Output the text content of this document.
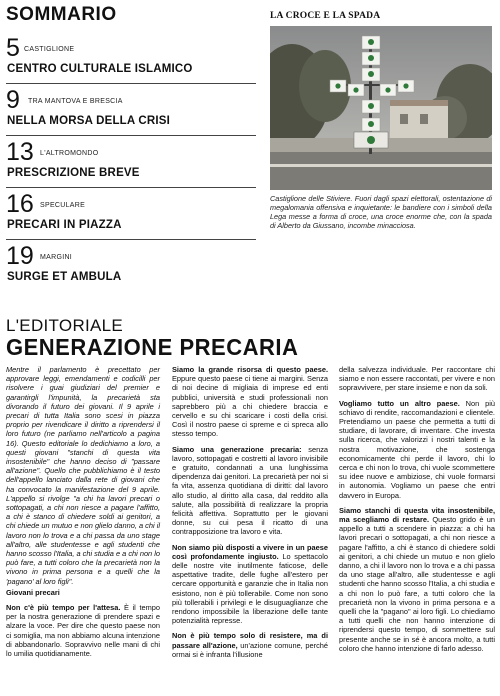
SOMMARIO
5 CASTIGLIONE
CENTRO CULTURALE ISLAMICO
9 TRA MANTOVA E BRESCIA
NELLA MORSA DELLA CRISI
13 L'ALTROMONDO
PRESCRIZIONE BREVE
16 SPECULARE
PRECARI IN PIAZZA
19 MARGINI
SURGE ET AMBULA
LA CROCE E LA SPADA
Castiglione delle Stiviere. Fuori dagli spazi elettorali, ostentazione di megalomania offensiva e inquietante: le bandiere con i simboli della Lega messe a forma di croce, una croce enorme che, con la spada di Alberto da Giussano, incombe minacciosa.
L'EDITORIALE
GENERAZIONE PRECARIA

Mentre il parlamento è precettato per approvare leggi, emendamenti e codicilli per risolvere i guai giudiziari del premier e garantirgli l'impunità, la precarietà sta divorando il futuro dei giovani. Il 9 aprile i precari di tutta Italia sono scesi in piazza proprio per rivendicare il diritto a riprendersi il loro futuro (ne parliamo nell'articolo a pagina 16). Questo editoriale lo dedichiamo a loro, a questi giovani "stanchi di questa vita insostenibile" che hanno deciso di "passare all'azione". Quello che pubblichiamo è il testo dell'appello lanciato dalla rete di giovani che ha convocato la manifestazione del 9 aprile. L'appello si rivolge "a chi ha lavori precari o sottopagati, a chi non riesce a pagare l'affitto, a chi è stanco di chiedere soldi ai genitori, a chi chiede un mutuo e non glielo danno, a chi il lavoro non lo trova e a chi passa da uno stage all'altro, alle studentesse e agli studenti che hanno scosso l'Italia, a chi studia e a chi non lo può fare, a tutti coloro che la precarietà non la vivono in prima persona e a quelli che la 'pagano' al loro figli".

Giovani precari

Non c'è più tempo per l'attesa. È il tempo per la nostra generazione di prendere spazi e alzare la voce. Per dire che questo paese non ci somiglia, ma non abbiamo alcuna intenzione di abbandonarlo. Sopravvivo nelle mani di chi lo umilia quotidianamente.

Siamo la grande risorsa di questo paese. Eppure questo paese ci tiene ai margini. Senza di noi decine di migliaia di imprese ed enti pubblici, università e studi professionali non saprebbero più a chi chiedere braccia e cervello e su chi scaricare i costi della crisi. Così il nostro paese ci spreme e ci spreca allo stesso tempo.

Siamo una generazione precaria: senza lavoro, sottopagati e costretti al lavoro invisibile e gratuito, condannati a una lunghissima dipendenza dai genitori. La precarietà per noi si fa vita, assenza quotidiana di diritti: dal lavoro allo studio, al diritto alla casa, dal reddito alla salute, alla possibilità di realizzare la propria felicità affettiva. Soprattutto per le giovani donne, su cui pesa il ricatto di una contrapposizione tra lavoro e vita.

Non siamo più disposti a vivere in un paese così profondamente ingiusto. Lo spettacolo delle nostre vite inutilmente faticose, delle aspettative tradite, delle fughe all'estero per cercare opportunità e garanzie che in Italia non esistono, non è più tollerabile. Come non sono più tollerabili i privilegi e le disuguaglianze che rendono impossibile la liberazione delle tante potenzialità represse.

Non è più tempo solo di resistere, ma di passare all'azione, un'azione comune, perché ormai si è infranta l'illusione

della salvezza individuale. Per raccontare chi siamo e non essere raccontati, per vivere e non sopravvivere, per stare insieme e non da soli.

Vogliamo tutto un altro paese. Non più schiavo di rendite, raccomandazioni e clientele. Pretendiamo un paese che permetta a tutti di studiare, di lavorare, di inventare. Che investa sulla ricerca, che valorizzi i nostri talenti e la nostra motivazione, che sostenga economicamente chi perde il lavoro, chi lo cerca e chi non lo trova, chi vuole scommettere su idee nuove e ambiziose, chi vuole formarsi in autonomia. Vogliamo un paese che entri davvero in Europa.

Siamo stanchi di questa vita insostenibile, ma scegliamo di restare. Questo grido è un appello a tutti a scendere in piazza: a chi ha lavori precari o sottopagati, a chi non riesce a pagare l'affitto, a chi è stanco di chiedere soldi ai genitori, a chi chiede un mutuo e non glielo danno, a chi il lavoro non lo trova e a chi passa da uno stage all'altro, alle studentesse e agli studenti che hanno scosso l'Italia, a chi studia e a chi non lo può fare, a tutti coloro che la precarietà non la vivono in prima persona e a quelli che la "pagano" ai loro figli. Lo chiediamo a tutti quelli che non hanno intenzione di riprendersi questo tempo, di sommettere sul presente anche se in sé è ancora molto, a tutti coloro che hanno intenzione di farlo adesso.
